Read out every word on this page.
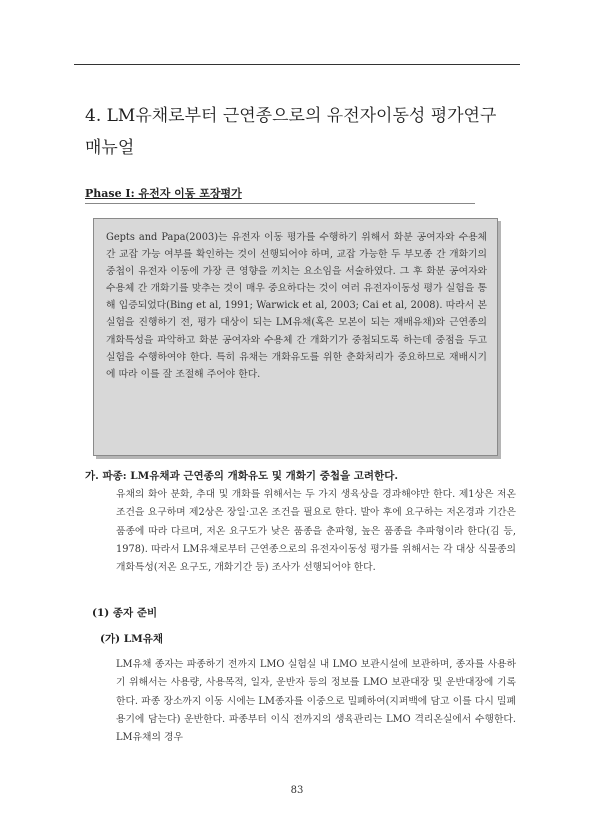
4. LM유채로부터 근연종으로의 유전자이동성 평가연구 매뉴얼
Phase I: 유전자 이동 포장평가

Gepts and Papa(2003)는 유전자 이동 평가를 수행하기 위해서 화분 공여자와 수용체 간 교잡 가능 여부를 확인하는 것이 선행되어야 하며, 교잡 가능한 두 부모종 간 개화기의 중첩이 유전자 이동에 가장 큰 영향을 끼치는 요소임을 서술하였다. 그 후 화분 공여자와 수용체 간 개화기를 맞추는 것이 매우 중요하다는 것이 여러 유전자이동성 평가 실험을 통해 입증되었다(Bing et al, 1991; Warwick et al, 2003; Cai et al, 2008). 따라서 본 실험을 진행하기 전, 평가 대상이 되는 LM유채(혹은 모본이 되는 재배유채)와 근연종의 개화특성을 파악하고 화분 공여자와 수용체 간 개화기가 중첩되도록 하는데 중점을 두고 실험을 수행하여야 한다. 특히 유채는 개화유도를 위한 춘화처리가 중요하므로 재배시기에 따라 이를 잘 조절해 주어야 한다.

가. 파종: LM유채과 근연종의 개화유도 및 개화기 중첩을 고려한다.

유채의 화아 분화, 추대 및 개화를 위해서는 두 가지 생육상을 경과해야만 한다. 제1상은 저온 조건을 요구하며 제2상은 장일·고온 조건을 필요로 한다. 발아 후에 요구하는 저온경과 기간은 품종에 따라 다르며, 저온 요구도가 낮은 품종을 춘파형, 높은 품종을 추파형이라 한다(김 등, 1978). 따라서 LM유채로부터 근연종으로의 유전자이동성 평가를 위해서는 각 대상 식물종의 개화특성(저온 요구도, 개화기간 등) 조사가 선행되어야 한다.

(1) 종자 준비
(가) LM유채

LM유채 종자는 파종하기 전까지 LMO 실험실 내 LMO 보관시설에 보관하며, 종자를 사용하기 위해서는 사용량, 사용목적, 일자, 운반자 등의 정보를 LMO 보관대장 및 운반대장에 기록한다. 파종 장소까지 이동 시에는 LM종자를 이중으로 밀폐하여(지퍼백에 담고 이를 다시 밀폐용기에 담는다) 운반한다. 파종부터 이식 전까지의 생육관리는 LMO 격리온실에서 수행한다. LM유채의 경우

83
